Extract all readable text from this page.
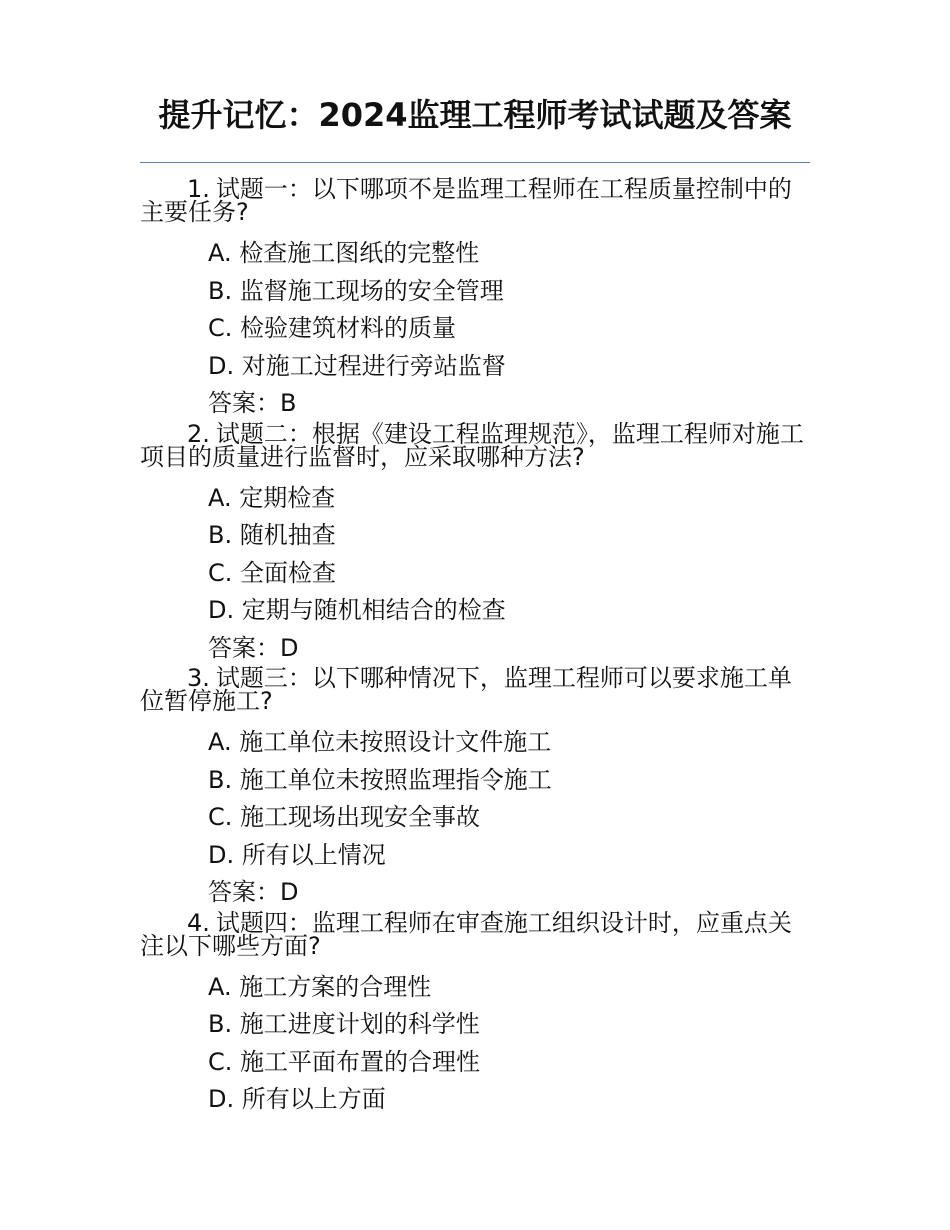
提升记忆：2024监理工程师考试试题及答案

1. 试题一：以下哪项不是监理工程师在工程质量控制中的主要任务?

A. 检查施工图纸的完整性

B. 监督施工现场的安全管理

C. 检验建筑材料的质量

D. 对施工过程进行旁站监督

答案：B

2. 试题二：根据《建设工程监理规范》，监理工程师对施工项目的质量进行监督时，应采取哪种方法?

A. 定期检查

B. 随机抽查

C. 全面检查

D. 定期与随机相结合的检查

答案：D

3. 试题三：以下哪种情况下，监理工程师可以要求施工单位暂停施工?

A. 施工单位未按照设计文件施工

B. 施工单位未按照监理指令施工

C. 施工现场出现安全事故

D. 所有以上情况

答案：D

4. 试题四：监理工程师在审查施工组织设计时，应重点关注以下哪些方面?

A. 施工方案的合理性

B. 施工进度计划的科学性

C. 施工平面布置的合理性

D. 所有以上方面
